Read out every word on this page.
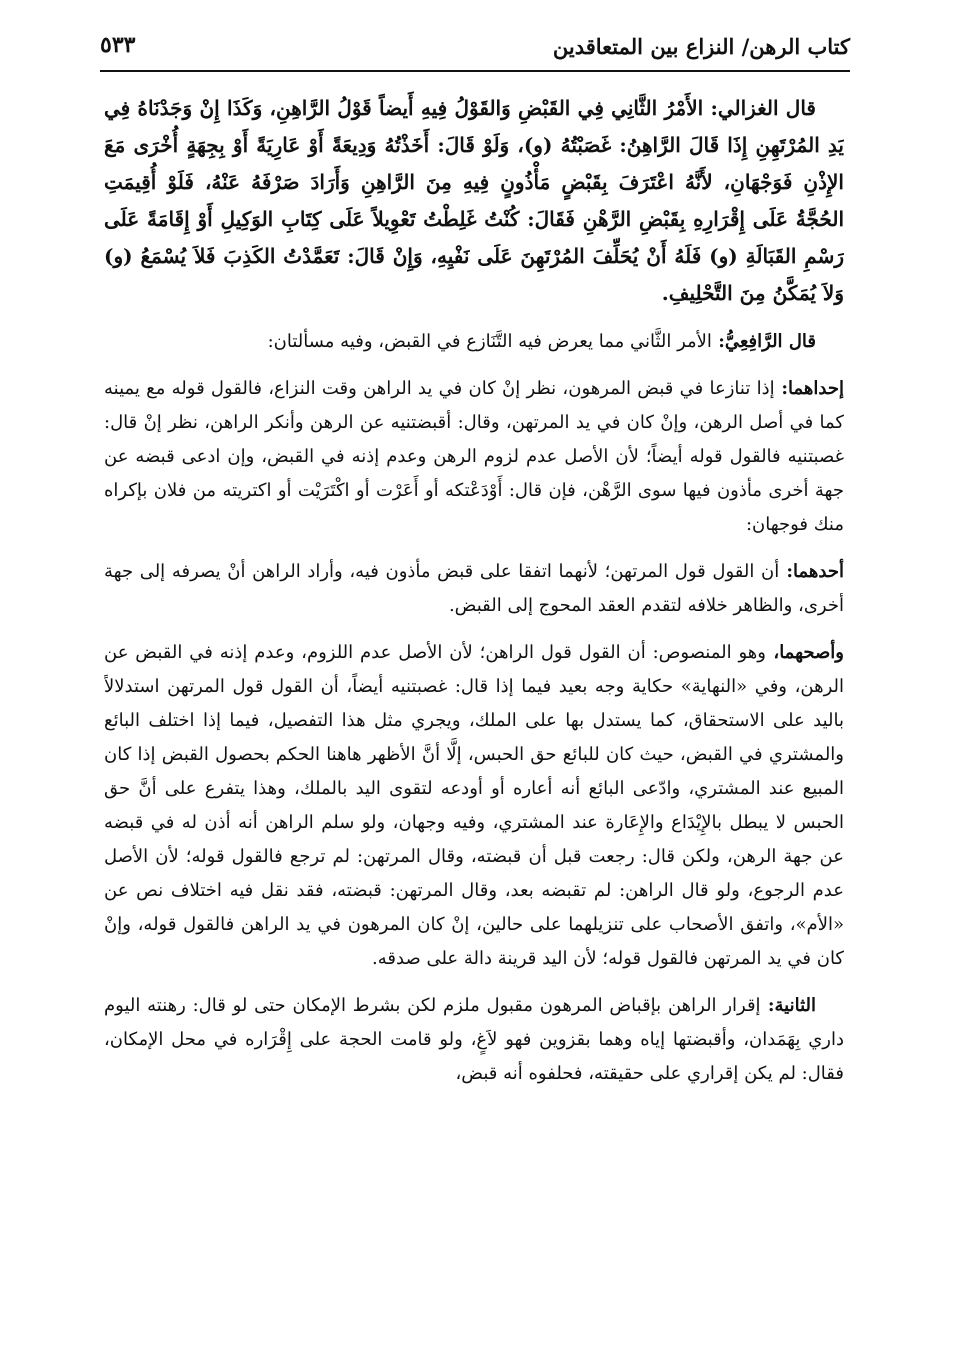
كتاب الرهن/ النزاع بين المتعاقدين
٥٣٣

قال الغزالي: الأَمْرُ الثَّانِي فِي القَبْضِ وَالقَوْلُ فِيهِ أَيضاً قَوْلُ الرَّاهِنِ، وَكَذَا إِنْ وَجَدْنَاهُ فِي يَدِ المُرْتَهِنِ إِذَا قَالَ الرَّاهِنُ: غَصَبْتُهُ (و)، وَلَوْ قَالَ: أَخَذْتُهُ وَدِيعَةً أَوْ عَارِيَةً أَوْ بِجِهَةٍ أُخْرَى مَعَ الإِذْنِ فَوَجْهَانِ، لأَنَّهُ اعْتَرَفَ بِقَبْضٍ مَأْذُونٍ فِيهِ مِنَ الرَّاهِنِ وَأَرَادَ صَرْفَهُ عَنْهُ، فَلَوْ أُقِيمَتِ الحُجَّةُ عَلَى إِقْرَارِهِ بِقَبْضِ الرَّهْنِ فَقَالَ: كُنْتُ غَلِطْتُ تَعْوِيلاً عَلَى كِتَابِ الوَكِيلِ أَوْ إِقَامَةً عَلَى رَسْمِ القَبَالَةِ (و) فَلَهُ أَنْ يُحَلِّفَ المُرْتَهِنَ عَلَى نَفْيِهِ، وَإِنْ قَالَ: تَعَمَّدْتُ الكَذِبَ فَلاَ يُسْمَعُ (و) وَلاَ يُمَكَّنُ مِنَ التَّحْلِيفِ.

قال الرَّافِعِيُّ: الأمر الثَّاني مما يعرض فيه التَّنَازع في القبض، وفيه مسألتان:

إحداهما: إذا تنازعا في قبض المرهون، نظر إنْ كان في يد الراهن وقت النزاع، فالقول قوله مع يمينه كما في أصل الرهن، وإنْ كان في يد المرتهن، وقال: أقبضتنيه عن الرهن وأنكر الراهن، نظر إنْ قال: غصبتنيه فالقول قوله أيضاً؛ لأن الأصل عدم لزوم الرهن وعدم إذنه في القبض، وإن ادعى قبضه عن جهة أخرى مأذون فيها سوى الرَّهْن، فإن قال: أَوْدَعْتكه أو أَعَرْت أو اكْتَرَيْت أو اكتريته من فلان بإكراه منك فوجهان:

أحدهما: أن القول قول المرتهن؛ لأنهما اتفقا على قبض مأذون فيه، وأراد الراهن أنْ يصرفه إلى جهة أخرى، والظاهر خلافه لتقدم العقد المحوج إلى القبض.

وأصحهما، وهو المنصوص: أن القول قول الراهن؛ لأن الأصل عدم اللزوم، وعدم إذنه في القبض عن الرهن، وفي «النهاية» حكاية وجه بعيد فيما إذا قال: غصبتنيه أيضاً، أن القول قول المرتهن استدلالاً باليد على الاستحقاق، كما يستدل بها على الملك، ويجري مثل هذا التفصيل، فيما إذا اختلف البائع والمشتري في القبض، حيث كان للبائع حق الحبس، إلَّا أنَّ الأظهر هاهنا الحكم بحصول القبض إذا كان المبيع عند المشتري، وادّعى البائع أنه أعاره أو أودعه لتقوى اليد بالملك، وهذا يتفرع على أنَّ حق الحبس لا يبطل بالإِيْدَاع والإِعَارة عند المشتري، وفيه وجهان، ولو سلم الراهن أنه أذن له في قبضه عن جهة الرهن، ولكن قال: رجعت قبل أن قبضته، وقال المرتهن: لم ترجع فالقول قوله؛ لأن الأصل عدم الرجوع، ولو قال الراهن: لم تقبضه بعد، وقال المرتهن: قبضته، فقد نقل فيه اختلاف نص عن «الأم»، واتفق الأصحاب على تنزيلهما على حالين، إنْ كان المرهون في يد الراهن فالقول قوله، وإنْ كان في يد المرتهن فالقول قوله؛ لأن اليد قرينة دالة على صدقه.

الثانية: إقرار الراهن بإقباض المرهون مقبول ملزم لكن بشرط الإمكان حتى لو قال: رهنته اليوم داري بِهَمَدان، وأقبضتها إياه وهما بقزوين فهو لاَغٍ، ولو قامت الحجة على إِقْرَاره في محل الإمكان، فقال: لم يكن إقراري على حقيقته، فحلفوه أنه قبض،
